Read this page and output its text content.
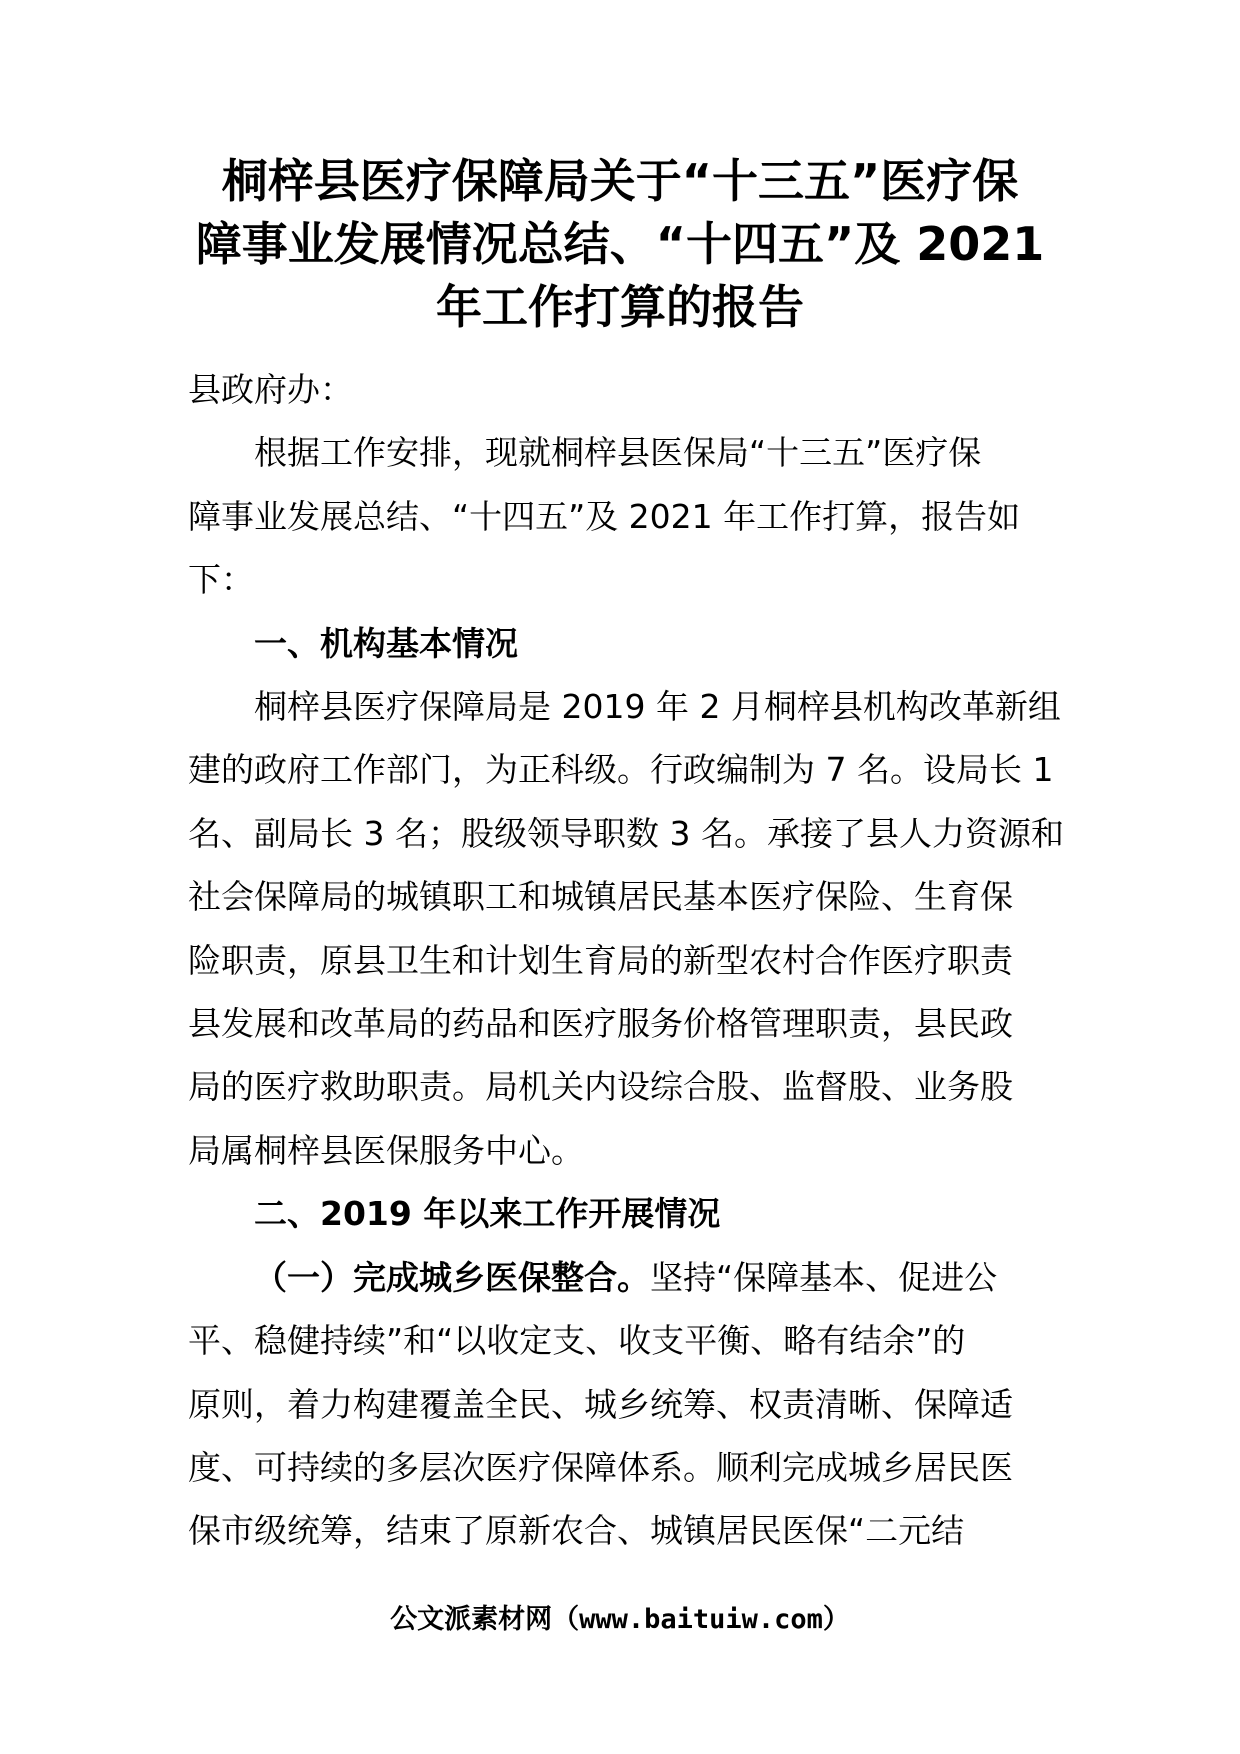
桐梓县医疗保障局关于“十三五”医疗保
障事业发展情况总结、“十四五”及 2021
年工作打算的报告

县政府办：

根据工作安排，现就桐梓县医保局“十三五”医疗保
障事业发展总结、“十四五”及 2021 年工作打算，报告如
下：

一、机构基本情况

桐梓县医疗保障局是 2019 年 2 月桐梓县机构改革新组
建的政府工作部门，为正科级。行政编制为 7 名。设局长 1
名、副局长 3 名；股级领导职数 3 名。承接了县人力资源和
社会保障局的城镇职工和城镇居民基本医疗保险、生育保
险职责，原县卫生和计划生育局的新型农村合作医疗职责
县发展和改革局的药品和医疗服务价格管理职责，县民政
局的医疗救助职责。局机关内设综合股、监督股、业务股
局属桐梓县医保服务中心。

二、2019 年以来工作开展情况

（一）完成城乡医保整合。坚持“保障基本、促进公
平、稳健持续”和“以收定支、收支平衡、略有结余”的
原则，着力构建覆盖全民、城乡统筹、权责清晰、保障适
度、可持续的多层次医疗保障体系。顺利完成城乡居民医
保市级统筹，结束了原新农合、城镇居民医保“二元结

公文派素材网（www.baituiw.com）
